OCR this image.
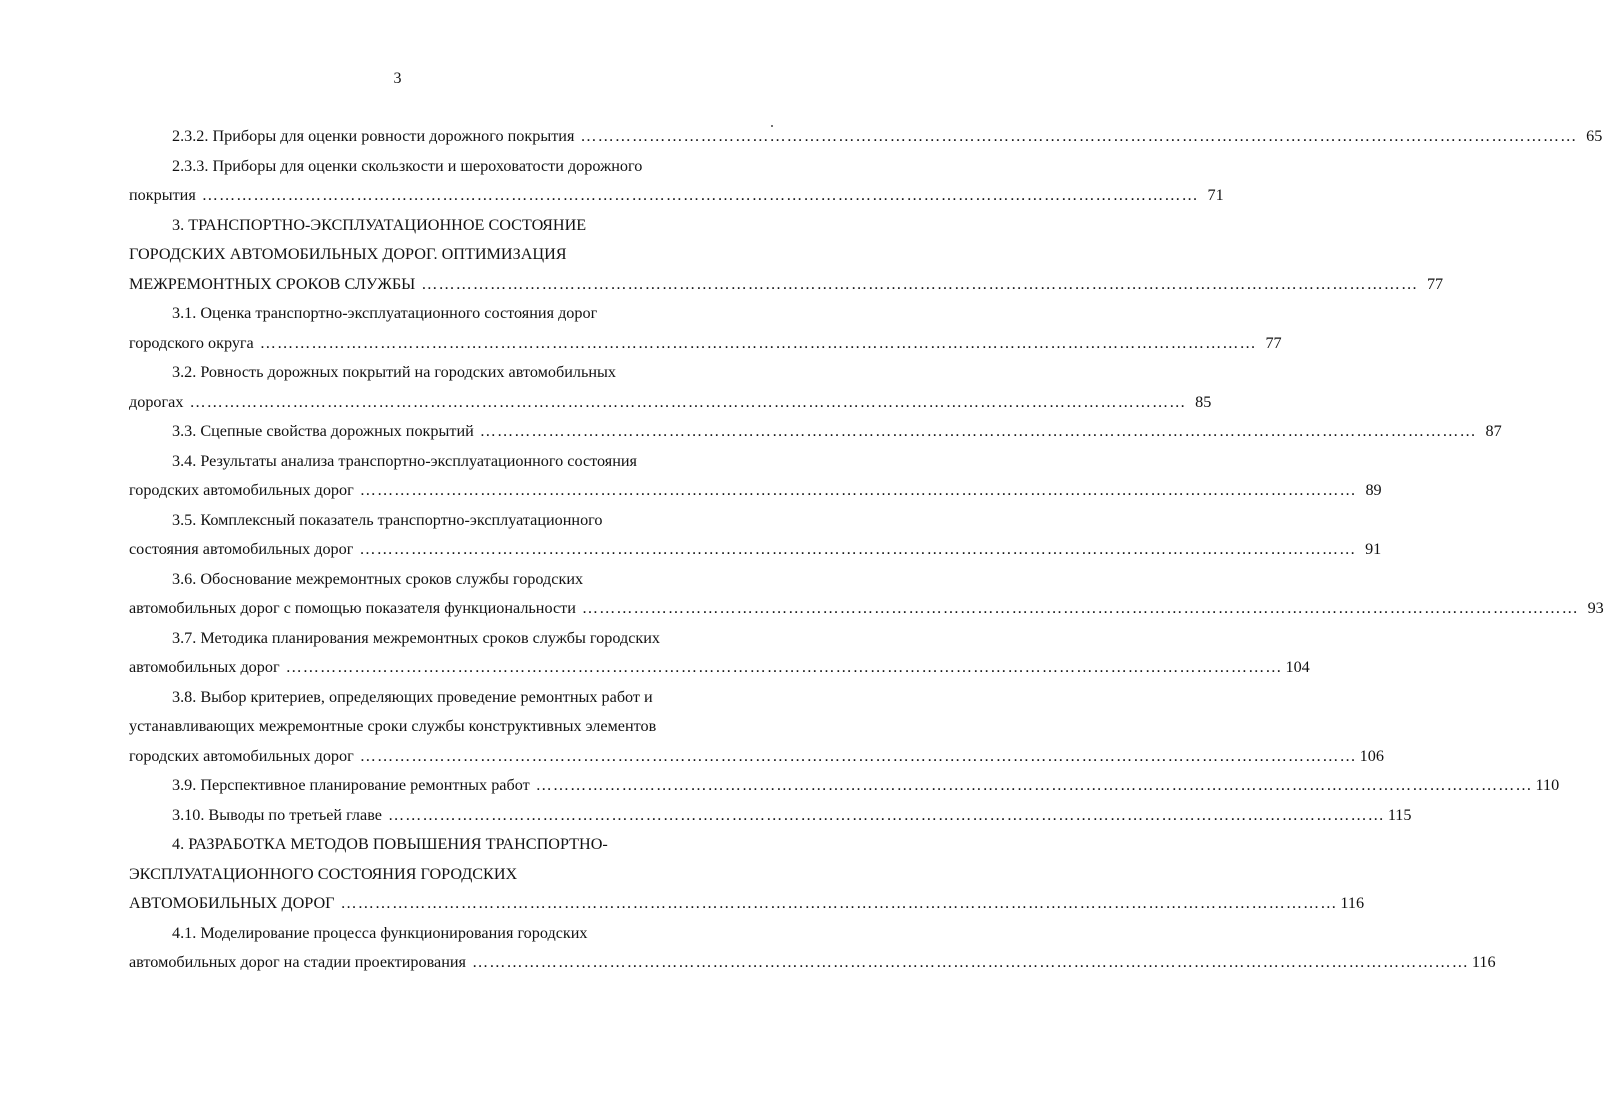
3
2.3.2. Приборы для оценки ровности дорожного покрытия ………………………………………………………………………………………………………………………………………………………… 65
2.3.3. Приборы для оценки скользкости и шероховатости дорожного
покрытия ………………………………………………………………………………………………………………………………………………………… 71
3. ТРАНСПОРТНО-ЭКСПЛУАТАЦИОННОЕ СОСТОЯНИЕ
ГОРОДСКИХ АВТОМОБИЛЬНЫХ ДОРОГ. ОПТИМИЗАЦИЯ
МЕЖРЕМОНТНЫХ СРОКОВ СЛУЖБЫ ………………………………………………………………………………………………………………………………………………………… 77
3.1. Оценка транспортно-эксплуатационного состояния дорог
городского округа ………………………………………………………………………………………………………………………………………………………… 77
3.2. Ровность дорожных покрытий на городских автомобильных
дорогах ………………………………………………………………………………………………………………………………………………………… 85
3.3. Сцепные свойства дорожных покрытий ………………………………………………………………………………………………………………………………………………………… 87
3.4. Результаты анализа транспортно-эксплуатационного состояния
городских автомобильных дорог ………………………………………………………………………………………………………………………………………………………… 89
3.5. Комплексный показатель транспортно-эксплуатационного
состояния автомобильных дорог ………………………………………………………………………………………………………………………………………………………… 91
3.6. Обоснование межремонтных сроков службы городских
автомобильных дорог с помощью показателя функциональности ………………………………………………………………………………………………………………………………………………………… 93
3.7. Методика планирования межремонтных сроков службы городских
автомобильных дорог ………………………………………………………………………………………………………………………………………………………… 104
3.8. Выбор критериев, определяющих проведение ремонтных работ и
устанавливающих межремонтные сроки службы конструктивных элементов
городских автомобильных дорог ………………………………………………………………………………………………………………………………………………………… 106
3.9. Перспективное планирование ремонтных работ ………………………………………………………………………………………………………………………………………………………… 110
3.10. Выводы по третьей главе ………………………………………………………………………………………………………………………………………………………… 115
4. РАЗРАБОТКА МЕТОДОВ ПОВЫШЕНИЯ ТРАНСПОРТНО-
ЭКСПЛУАТАЦИОННОГО СОСТОЯНИЯ ГОРОДСКИХ
АВТОМОБИЛЬНЫХ ДОРОГ ………………………………………………………………………………………………………………………………………………………… 116
4.1. Моделирование процесса функционирования городских
автомобильных дорог на стадии проектирования ………………………………………………………………………………………………………………………………………………………… 116
